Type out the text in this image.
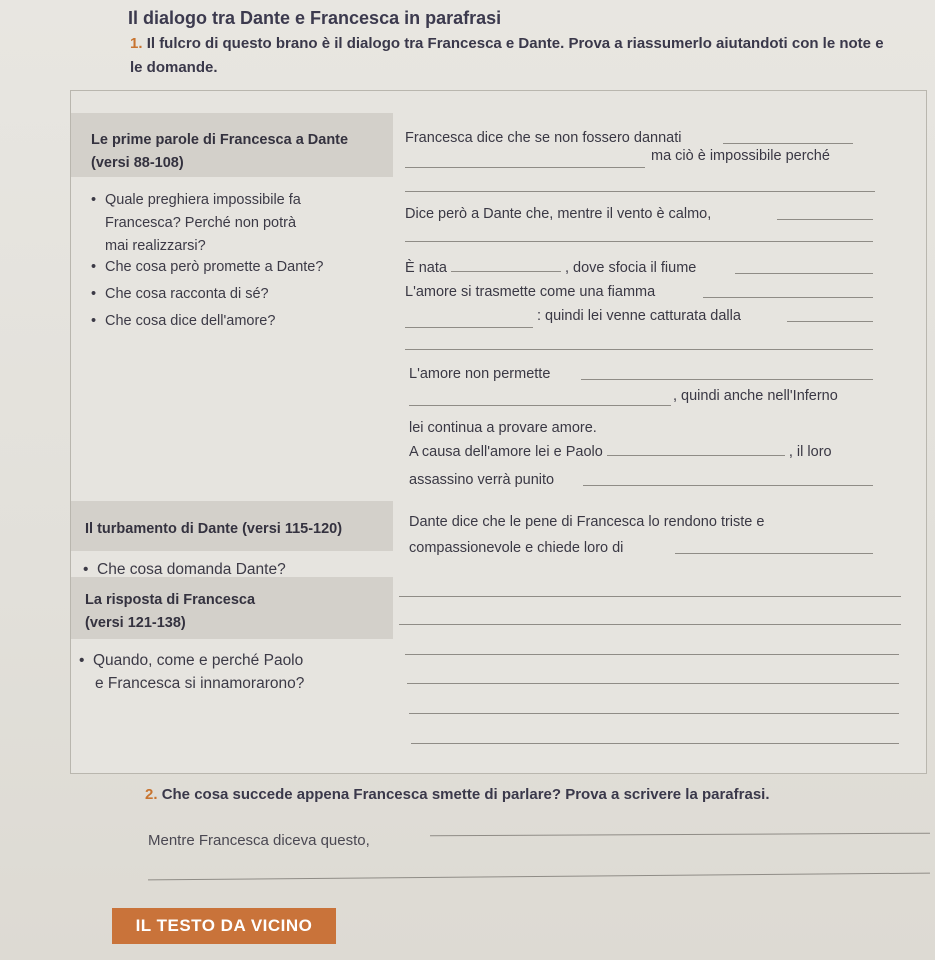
Il dialogo tra Dante e Francesca in parafrasi
1. Il fulcro di questo brano è il dialogo tra Francesca e Dante. Prova a riassumerlo aiutandoti con le note e le domande.
Le prime parole di Francesca a Dante
(versi 88-108)
• Quale preghiera impossibile fa
Francesca? Perché non potrà
mai realizzarsi?
• Che cosa però promette a Dante?
• Che cosa racconta di sé?
• Che cosa dice dell'amore?
Il turbamento di Dante (versi 115-120)
• Che cosa domanda Dante?
La risposta di Francesca
(versi 121-138)
• Quando, come e perché Paolo
e Francesca si innamorarono?
Francesca dice che se non fossero dannati
ma ciò è impossibile perché
Dice però a Dante che, mentre il vento è calmo,
È nata	, dove sfocia il fiume
L'amore si trasmette come una fiamma
: quindi lei venne catturata dalla
L'amore non permette
, quindi anche nell'Inferno
lei continua a provare amore.
A causa dell'amore lei e Paolo	, il loro
assassino verrà punito
Dante dice che le pene di Francesca lo rendono triste e
compassionevole e chiede loro di
2. Che cosa succede appena Francesca smette di parlare? Prova a scrivere la parafrasi.
Mentre Francesca diceva questo,
IL TESTO DA VICINO
